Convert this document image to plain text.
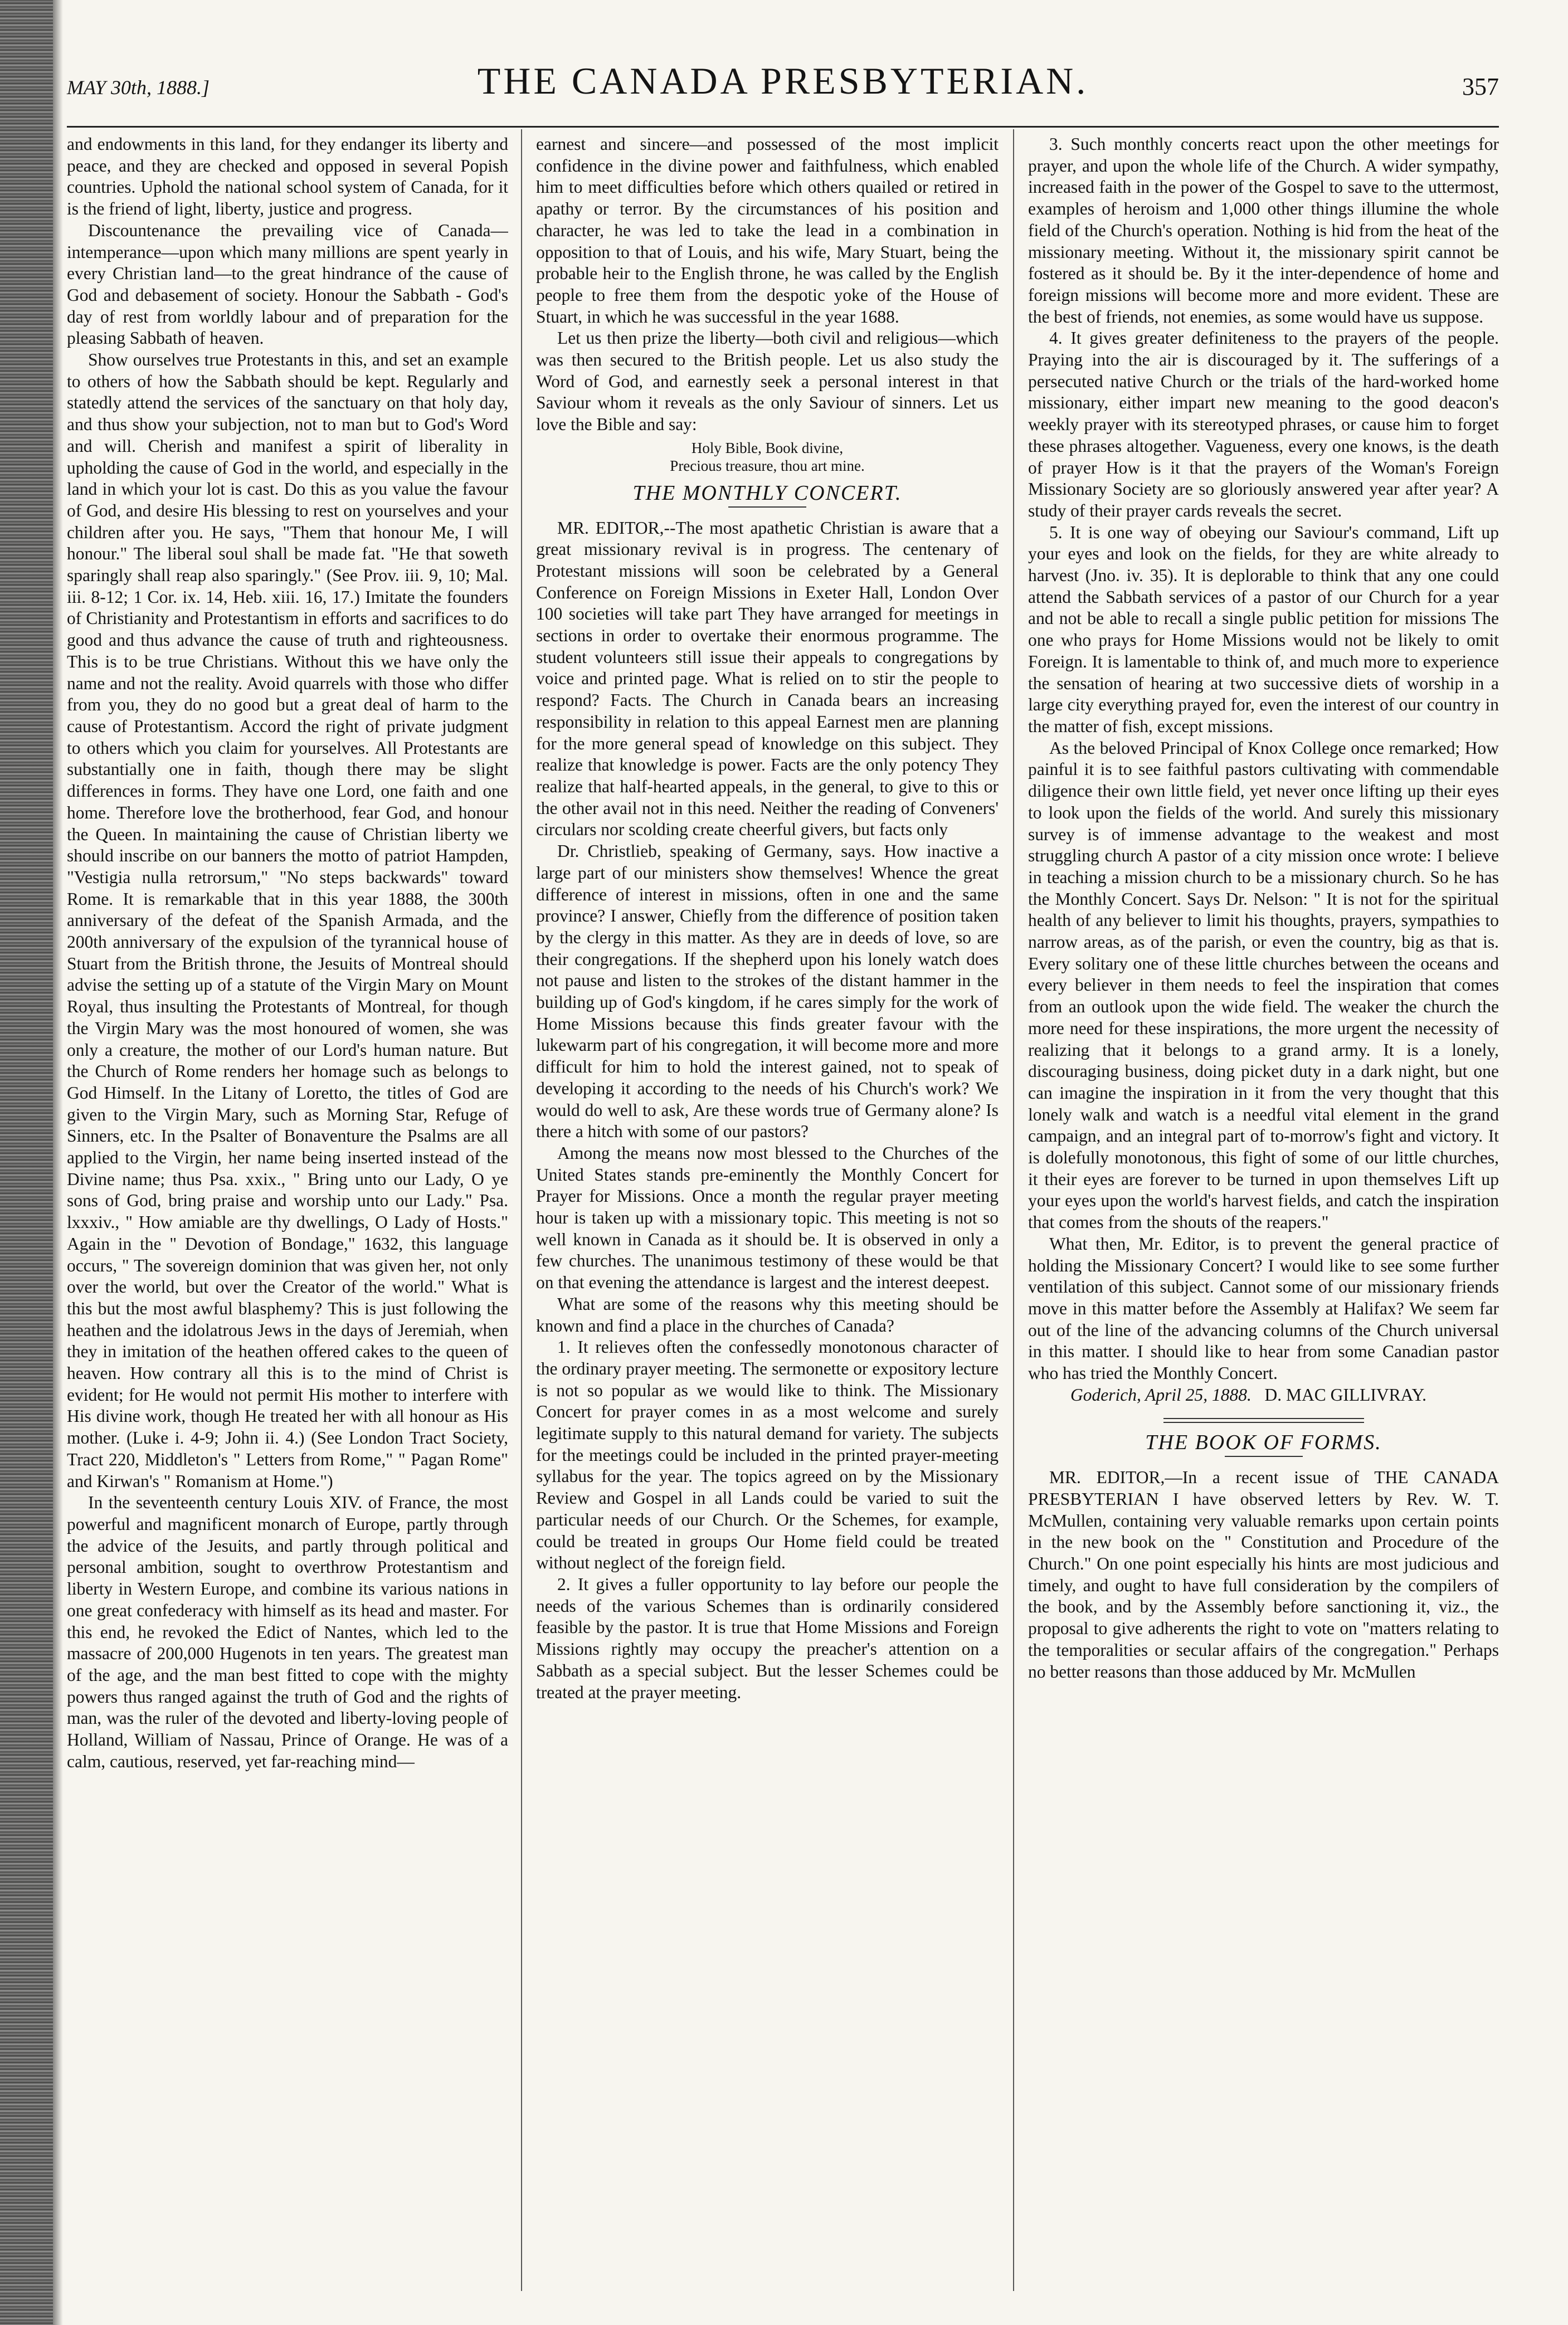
MAY 30th, 1888.]	THE CANADA PRESBYTERIAN.	357

and endowments in this land, for they endanger its liberty and peace, and they are checked and opposed in several Popish countries. Uphold the national school system of Canada, for it is the friend of light, liberty, justice and progress.

Discountenance the prevailing vice of Canada—intemperance—upon which many millions are spent yearly in every Christian land—to the great hindrance of the cause of God and debasement of society. Honour the Sabbath - God's day of rest from worldly labour and of preparation for the pleasing Sabbath of heaven.

Show ourselves true Protestants in this, and set an example to others of how the Sabbath should be kept. Regularly and statedly attend the services of the sanctuary on that holy day, and thus show your subjection, not to man but to God's Word and will. Cherish and manifest a spirit of liberality in upholding the cause of God in the world, and especially in the land in which your lot is cast. Do this as you value the favour of God, and desire His blessing to rest on yourselves and your children after you. He says, "Them that honour Me, I will honour." The liberal soul shall be made fat. "He that soweth sparingly shall reap also sparingly." (See Prov. iii. 9, 10; Mal. iii. 8-12; 1 Cor. ix. 14, Heb. xiii. 16, 17.) Imitate the founders of Christianity and Protestantism in efforts and sacrifices to do good and thus advance the cause of truth and righteousness. This is to be true Christians. Without this we have only the name and not the reality. Avoid quarrels with those who differ from you, they do no good but a great deal of harm to the cause of Protestantism. Accord the right of private judgment to others which you claim for yourselves. All Protestants are substantially one in faith, though there may be slight differences in forms. They have one Lord, one faith and one home. Therefore love the brotherhood, fear God, and honour the Queen. In maintaining the cause of Christian liberty we should inscribe on our banners the motto of patriot Hampden, "Vestigia nulla retrorsum," "No steps backwards" toward Rome. It is remarkable that in this year 1888, the 300th anniversary of the defeat of the Spanish Armada, and the 200th anniversary of the expulsion of the tyrannical house of Stuart from the British throne, the Jesuits of Montreal should advise the setting up of a statute of the Virgin Mary on Mount Royal, thus insulting the Protestants of Montreal, for though the Virgin Mary was the most honoured of women, she was only a creature, the mother of our Lord's human nature. But the Church of Rome renders her homage such as belongs to God Himself. In the Litany of Loretto, the titles of God are given to the Virgin Mary, such as Morning Star, Refuge of Sinners, etc. In the Psalter of Bonaventure the Psalms are all applied to the Virgin, her name being inserted instead of the Divine name; thus Psa. xxix., " Bring unto our Lady, O ye sons of God, bring praise and worship unto our Lady." Psa. lxxxiv., " How amiable are thy dwellings, O Lady of Hosts." Again in the " Devotion of Bondage," 1632, this language occurs, " The sovereign dominion that was given her, not only over the world, but over the Creator of the world." What is this but the most awful blasphemy? This is just following the heathen and the idolatrous Jews in the days of Jeremiah, when they in imitation of the heathen offered cakes to the queen of heaven. How contrary all this is to the mind of Christ is evident; for He would not permit His mother to interfere with His divine work, though He treated her with all honour as His mother. (Luke i. 4-9; John ii. 4.) (See London Tract Society, Tract 220, Middleton's " Letters from Rome," " Pagan Rome" and Kirwan's " Romanism at Home.")

In the seventeenth century Louis XIV. of France, the most powerful and magnificent monarch of Europe, partly through the advice of the Jesuits, and partly through political and personal ambition, sought to overthrow Protestantism and liberty in Western Europe, and combine its various nations in one great confederacy with himself as its head and master. For this end, he revoked the Edict of Nantes, which led to the massacre of 200,000 Hugenots in ten years. The greatest man of the age, and the man best fitted to cope with the mighty powers thus ranged against the truth of God and the rights of man, was the ruler of the devoted and liberty-loving people of Holland, William of Nassau, Prince of Orange. He was of a calm, cautious, reserved, yet far-reaching mind—

earnest and sincere—and possessed of the most implicit confidence in the divine power and faithfulness, which enabled him to meet difficulties before which others quailed or retired in apathy or terror. By the circumstances of his position and character, he was led to take the lead in a combination in opposition to that of Louis, and his wife, Mary Stuart, being the probable heir to the English throne, he was called by the English people to free them from the despotic yoke of the House of Stuart, in which he was successful in the year 1688.

Let us then prize the liberty—both civil and religious—which was then secured to the British people. Let us also study the Word of God, and earnestly seek a personal interest in that Saviour whom it reveals as the only Saviour of sinners. Let us love the Bible and say:

Holy Bible, Book divine,
Precious treasure, thou art mine.
THE MONTHLY CONCERT.

MR. EDITOR,--The most apathetic Christian is aware that a great missionary revival is in progress. The centenary of Protestant missions will soon be celebrated by a General Conference on Foreign Missions in Exeter Hall, London Over 100 societies will take part They have arranged for meetings in sections in order to overtake their enormous programme. The student volunteers still issue their appeals to congregations by voice and printed page. What is relied on to stir the people to respond? Facts. The Church in Canada bears an increasing responsibility in relation to this appeal Earnest men are planning for the more general spead of knowledge on this subject. They realize that knowledge is power. Facts are the only potency They realize that half-hearted appeals, in the general, to give to this or the other avail not in this need. Neither the reading of Conveners' circulars nor scolding create cheerful givers, but facts only

Dr. Christlieb, speaking of Germany, says. How inactive a large part of our ministers show themselves! Whence the great difference of interest in missions, often in one and the same province? I answer, Chiefly from the difference of position taken by the clergy in this matter. As they are in deeds of love, so are their congregations. If the shepherd upon his lonely watch does not pause and listen to the strokes of the distant hammer in the building up of God's kingdom, if he cares simply for the work of Home Missions because this finds greater favour with the lukewarm part of his congregation, it will become more and more difficult for him to hold the interest gained, not to speak of developing it according to the needs of his Church's work? We would do well to ask, Are these words true of Germany alone? Is there a hitch with some of our pastors?

Among the means now most blessed to the Churches of the United States stands pre-eminently the Monthly Concert for Prayer for Missions. Once a month the regular prayer meeting hour is taken up with a missionary topic. This meeting is not so well known in Canada as it should be. It is observed in only a few churches. The unanimous testimony of these would be that on that evening the attendance is largest and the interest deepest.

What are some of the reasons why this meeting should be known and find a place in the churches of Canada?

1. It relieves often the confessedly monotonous character of the ordinary prayer meeting. The sermonette or expository lecture is not so popular as we would like to think. The Missionary Concert for prayer comes in as a most welcome and surely legitimate supply to this natural demand for variety. The subjects for the meetings could be included in the printed prayer-meeting syllabus for the year. The topics agreed on by the Missionary Review and Gospel in all Lands could be varied to suit the particular needs of our Church. Or the Schemes, for example, could be treated in groups Our Home field could be treated without neglect of the foreign field.

2. It gives a fuller opportunity to lay before our people the needs of the various Schemes than is ordinarily considered feasible by the pastor. It is true that Home Missions and Foreign Missions rightly may occupy the preacher's attention on a Sabbath as a special subject. But the lesser Schemes could be treated at the prayer meeting.

3. Such monthly concerts react upon the other meetings for prayer, and upon the whole life of the Church. A wider sympathy, increased faith in the power of the Gospel to save to the uttermost, examples of heroism and 1,000 other things illumine the whole field of the Church's operation. Nothing is hid from the heat of the missionary meeting. Without it, the missionary spirit cannot be fostered as it should be. By it the inter-dependence of home and foreign missions will become more and more evident. These are the best of friends, not enemies, as some would have us suppose.

4. It gives greater definiteness to the prayers of the people. Praying into the air is discouraged by it. The sufferings of a persecuted native Church or the trials of the hard-worked home missionary, either impart new meaning to the good deacon's weekly prayer with its stereotyped phrases, or cause him to forget these phrases altogether. Vagueness, every one knows, is the death of prayer How is it that the prayers of the Woman's Foreign Missionary Society are so gloriously answered year after year? A study of their prayer cards reveals the secret.

5. It is one way of obeying our Saviour's command, Lift up your eyes and look on the fields, for they are white already to harvest (Jno. iv. 35). It is deplorable to think that any one could attend the Sabbath services of a pastor of our Church for a year and not be able to recall a single public petition for missions The one who prays for Home Missions would not be likely to omit Foreign. It is lamentable to think of, and much more to experience the sensation of hearing at two successive diets of worship in a large city everything prayed for, even the interest of our country in the matter of fish, except missions.

As the beloved Principal of Knox College once remarked; How painful it is to see faithful pastors cultivating with commendable diligence their own little field, yet never once lifting up their eyes to look upon the fields of the world. And surely this missionary survey is of immense advantage to the weakest and most struggling church A pastor of a city mission once wrote: I believe in teaching a mission church to be a missionary church. So he has the Monthly Concert. Says Dr. Nelson: " It is not for the spiritual health of any believer to limit his thoughts, prayers, sympathies to narrow areas, as of the parish, or even the country, big as that is. Every solitary one of these little churches between the oceans and every believer in them needs to feel the inspiration that comes from an outlook upon the wide field. The weaker the church the more need for these inspirations, the more urgent the necessity of realizing that it belongs to a grand army. It is a lonely, discouraging business, doing picket duty in a dark night, but one can imagine the inspiration in it from the very thought that this lonely walk and watch is a needful vital element in the grand campaign, and an integral part of to-morrow's fight and victory. It is dolefully monotonous, this fight of some of our little churches, it their eyes are forever to be turned in upon themselves Lift up your eyes upon the world's harvest fields, and catch the inspiration that comes from the shouts of the reapers."

What then, Mr. Editor, is to prevent the general practice of holding the Missionary Concert? I would like to see some further ventilation of this subject. Cannot some of our missionary friends move in this matter before the Assembly at Halifax? We seem far out of the line of the advancing columns of the Church universal in this matter. I should like to hear from some Canadian pastor who has tried the Monthly Concert.

Goderich, April 25, 1888. D. MAC GILLIVRAY.

THE BOOK OF FORMS.

MR. EDITOR,—In a recent issue of THE CANADA PRESBYTERIAN I have observed letters by Rev. W. T. McMullen, containing very valuable remarks upon certain points in the new book on the " Constitution and Procedure of the Church." On one point especially his hints are most judicious and timely, and ought to have full consideration by the compilers of the book, and by the Assembly before sanctioning it, viz., the proposal to give adherents the right to vote on "matters relating to the temporalities or secular affairs of the congregation." Perhaps no better reasons than those adduced by Mr. McMullen
